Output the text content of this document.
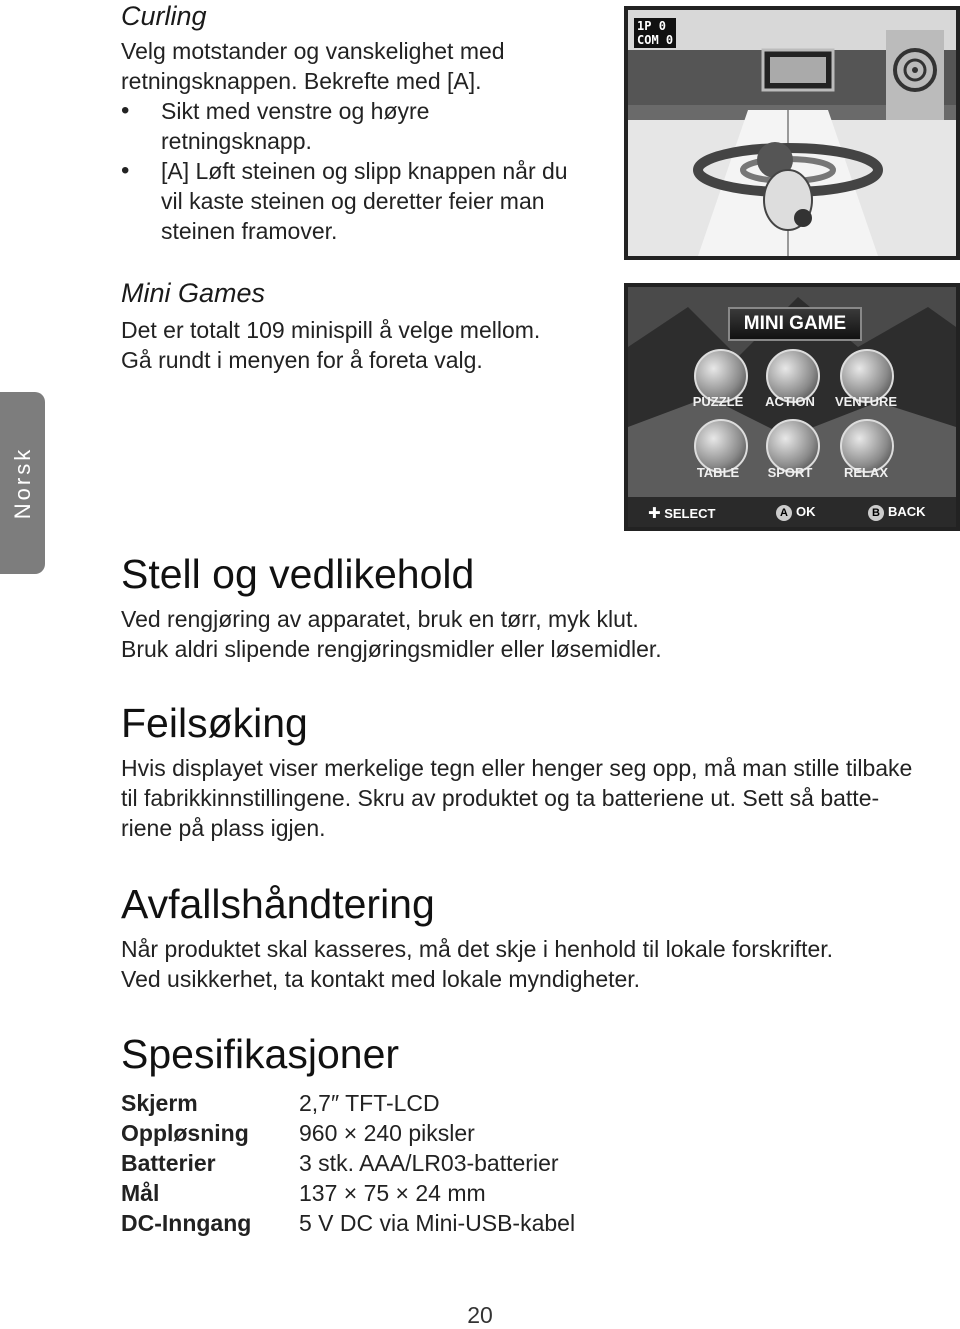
Norsk
Curling
Velg motstander og vanskelighet med
retningsknappen. Bekrefte med [A].
• Sikt med venstre og høyre
retningsknapp.
• [A] Løft steinen og slipp knappen når du
vil kaste steinen og deretter feier man
steinen framover.
Mini Games
Det er totalt 109 minispill å velge mellom.
Gå rundt i menyen for å foreta valg.
1P 0
COM 0
MINI GAME
PUZZLE	ACTION	VENTURE
TABLE	SPORT	RELAX
✚ SELECT	A OK	B BACK
Stell og vedlikehold
Ved rengjøring av apparatet, bruk en tørr, myk klut.
Bruk aldri slipende rengjøringsmidler eller løsemidler.
Feilsøking
Hvis displayet viser merkelige tegn eller henger seg opp, må man stille tilbake
til fabrikkinnstillingene. Skru av produktet og ta batteriene ut. Sett så batte-
riene på plass igjen.
Avfallshåndtering
Når produktet skal kasseres, må det skje i henhold til lokale forskrifter.
Ved usikkerhet, ta kontakt med lokale myndigheter.
Spesifikasjoner
Skjerm	2,7″ TFT-LCD
Oppløsning	960 × 240 piksler
Batterier	3 stk. AAA/LR03-batterier
Mål	137 × 75 × 24 mm
DC-Inngang	5 V DC via Mini-USB-kabel
20
